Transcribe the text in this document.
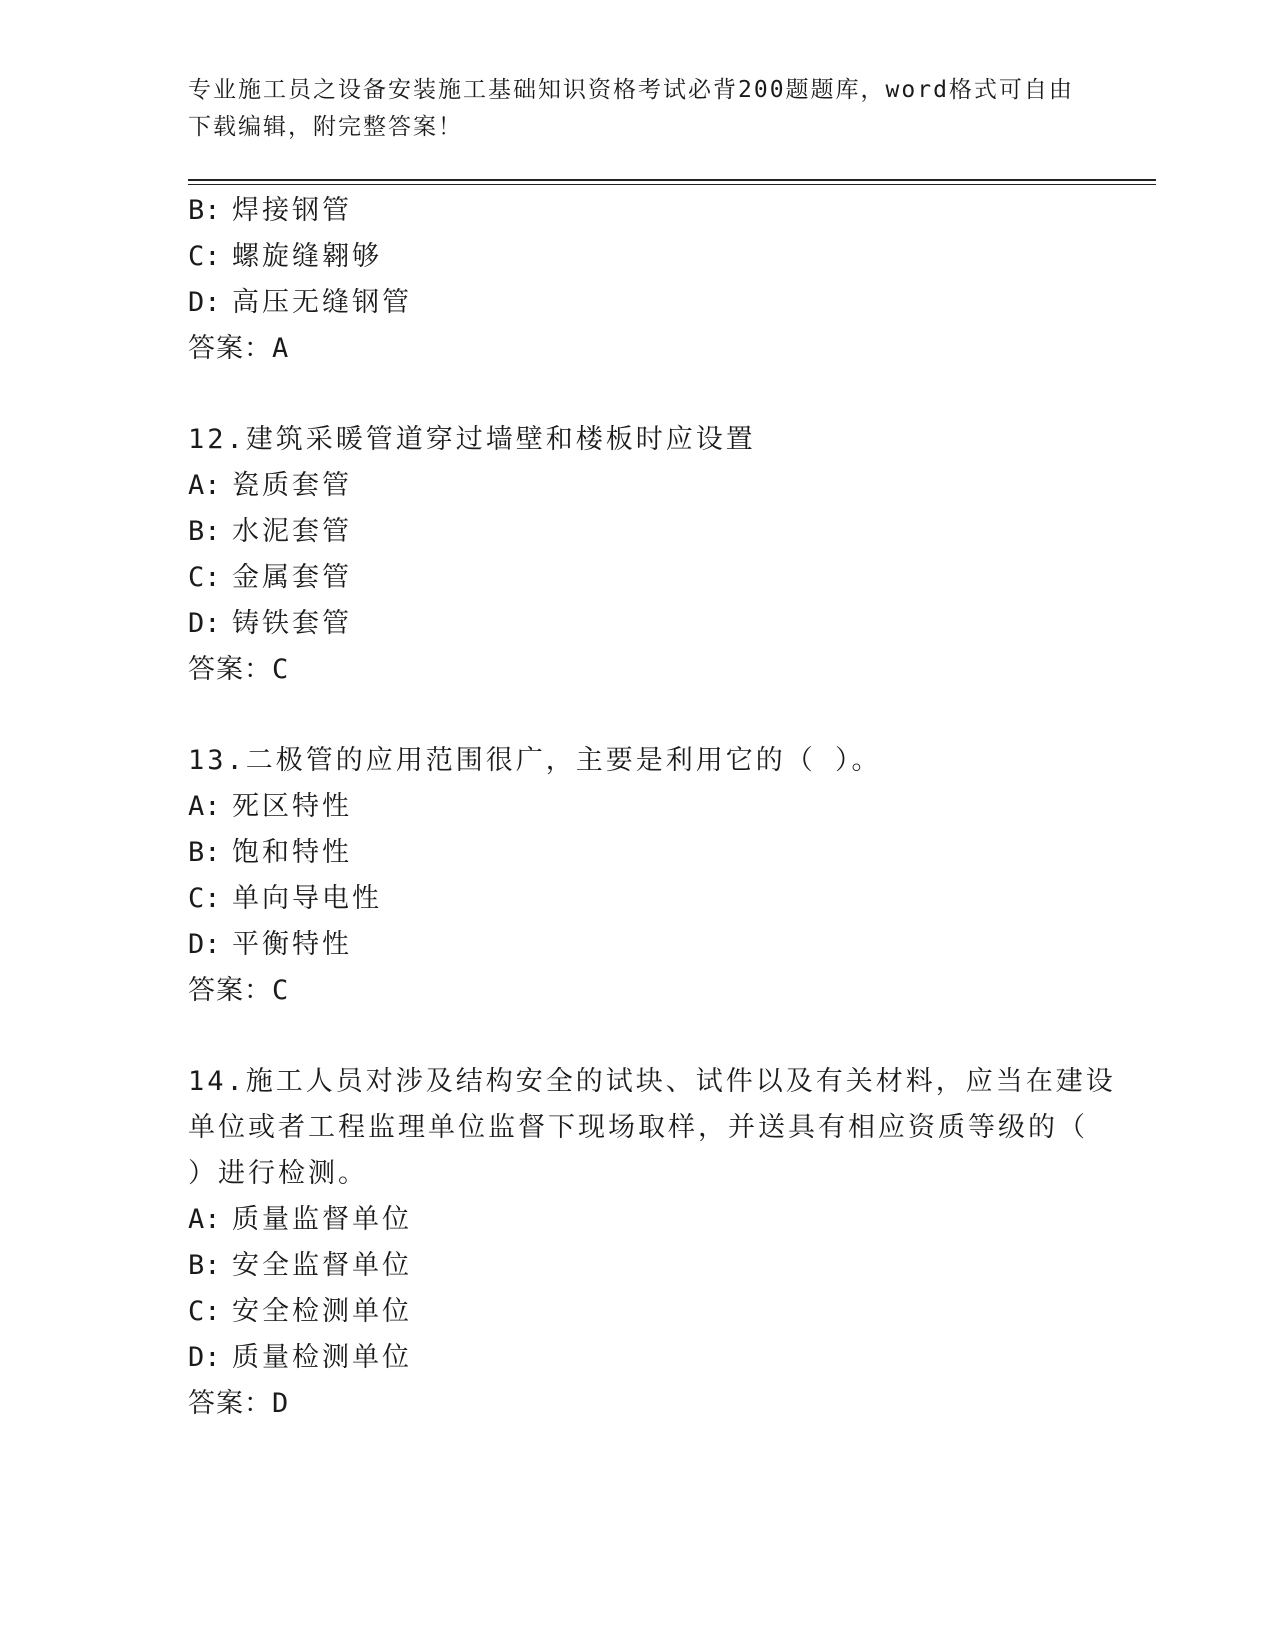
专业施工员之设备安装施工基础知识资格考试必背200题题库，word格式可自由
下载编辑，附完整答案！
B: 焊接钢管
C: 螺旋缝翱够
D: 高压无缝钢管
答案：A
12.建筑采暖管道穿过墙壁和楼板时应设置
A: 瓷质套管
B: 水泥套管
C: 金属套管
D: 铸铁套管
答案：C
13.二极管的应用范围很广，主要是利用它的（ ）。
A: 死区特性
B: 饱和特性
C: 单向导电性
D: 平衡特性
答案：C
14.施工人员对涉及结构安全的试块、试件以及有关材料，应当在建设
单位或者工程监理单位监督下现场取样，并送具有相应资质等级的（
）进行检测。
A: 质量监督单位
B: 安全监督单位
C: 安全检测单位
D: 质量检测单位
答案：D
